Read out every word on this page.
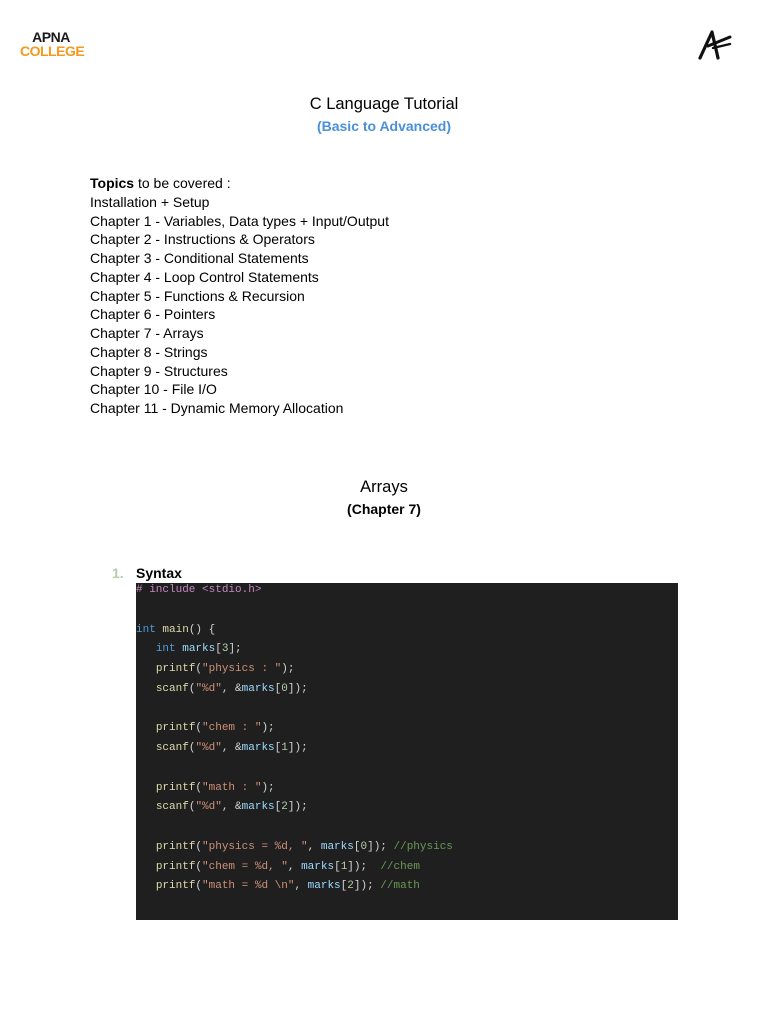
APNA
COLLEGE
C Language Tutorial
(Basic to Advanced)
Topics to be covered :
Installation + Setup
Chapter 1 - Variables, Data types + Input/Output
Chapter 2 - Instructions & Operators
Chapter 3 - Conditional Statements
Chapter 4 - Loop Control Statements
Chapter 5 - Functions & Recursion
Chapter 6 - Pointers
Chapter 7 - Arrays
Chapter 8 - Strings
Chapter 9 - Structures
Chapter 10 - File I/O
Chapter 11 - Dynamic Memory Allocation
Arrays
(Chapter 7)
1. Syntax
# include <stdio.h>
int main() {
int marks[3];
printf("physics : ");
scanf("%d", &marks[0]);
printf("chem : ");
scanf("%d", &marks[1]);
printf("math : ");
scanf("%d", &marks[2]);
printf("physics = %d, ", marks[0]); //physics
printf("chem = %d, ", marks[1]);  //chem
printf("math = %d \n", marks[2]); //math
